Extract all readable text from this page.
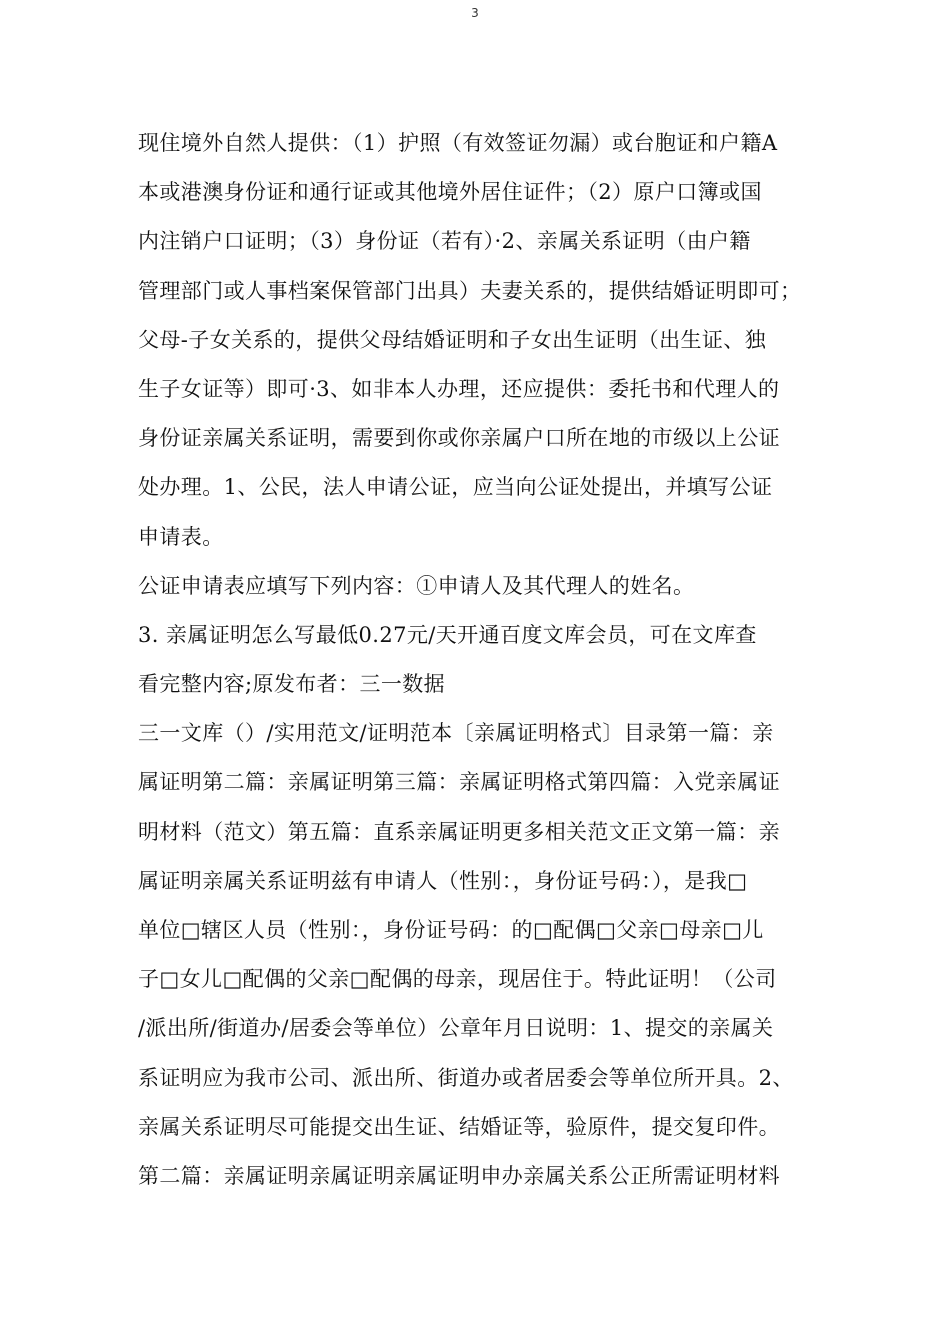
3
现住境外自然人提供：（1）护照（有效签证勿漏）或台胞证和户籍A
本或港澳身份证和通行证或其他境外居住证件；（2）原户口簿或国
内注销户口证明；（3）身份证（若有）·2、亲属关系证明（由户籍
管理部门或人事档案保管部门出具）夫妻关系的，提供结婚证明即可；
父母-子女关系的，提供父母结婚证明和子女出生证明（出生证、独
生子女证等）即可·3、如非本人办理，还应提供：委托书和代理人的
身份证亲属关系证明，需要到你或你亲属户口所在地的市级以上公证
处办理。1、公民，法人申请公证，应当向公证处提出，并填写公证
申请表。
公证申请表应填写下列内容：①申请人及其代理人的姓名。
3. 亲属证明怎么写最低0.27元/天开通百度文库会员，可在文库查
看完整内容;原发布者：三一数据
三一文库（）/实用范文/证明范本〔亲属证明格式〕目录第一篇：亲
属证明第二篇：亲属证明第三篇：亲属证明格式第四篇：入党亲属证
明材料（范文）第五篇：直系亲属证明更多相关范文正文第一篇：亲
属证明亲属关系证明兹有申请人（性别：，身份证号码：），是我□
单位□辖区人员（性别：，身份证号码：的□配偶□父亲□母亲□儿
子□女儿□配偶的父亲□配偶的母亲，现居住于。特此证明！（公司
/派出所/街道办/居委会等单位）公章年月日说明：1、提交的亲属关
系证明应为我市公司、派出所、街道办或者居委会等单位所开具。2、
亲属关系证明尽可能提交出生证、结婚证等，验原件，提交复印件。
第二篇：亲属证明亲属证明亲属证明申办亲属关系公正所需证明材料
